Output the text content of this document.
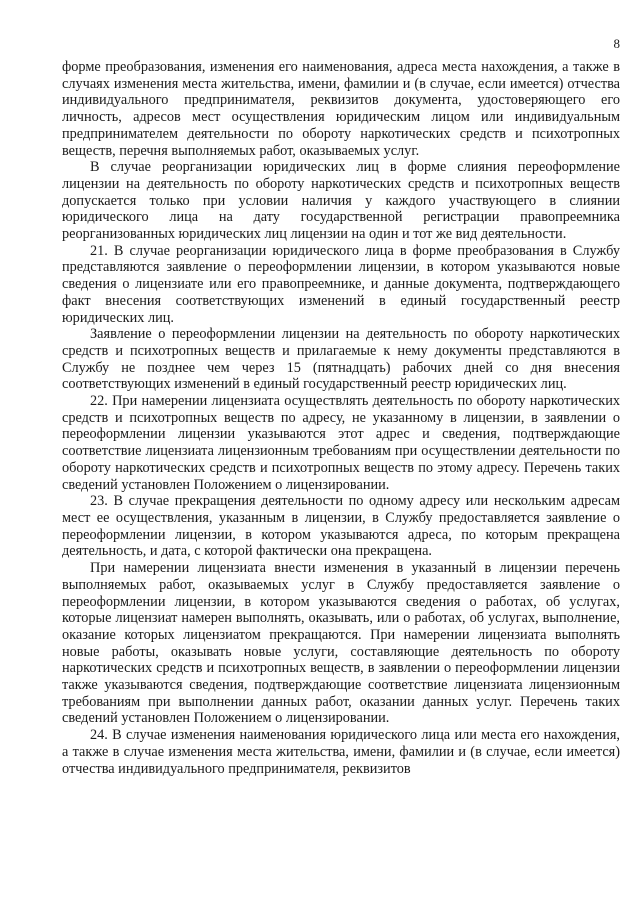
8

форме преобразования, изменения его наименования, адреса места нахождения, а также в случаях изменения места жительства, имени, фамилии и (в случае, если имеется) отчества индивидуального предпринимателя, реквизитов документа, удостоверяющего его личность, адресов мест осуществления юридическим лицом или индивидуальным предпринимателем деятельности по обороту наркотических средств и психотропных веществ, перечня выполняемых работ, оказываемых услуг.

В случае реорганизации юридических лиц в форме слияния переоформление лицензии на деятельность по обороту наркотических средств и психотропных веществ допускается только при условии наличия у каждого участвующего в слиянии юридического лица на дату государственной регистрации правопреемника реорганизованных юридических лиц лицензии на один и тот же вид деятельности.

21. В случае реорганизации юридического лица в форме преобразования в Службу представляются заявление о переоформлении лицензии, в котором указываются новые сведения о лицензиате или его правопреемнике, и данные документа, подтверждающего факт внесения соответствующих изменений в единый государственный реестр юридических лиц.

Заявление о переоформлении лицензии на деятельность по обороту наркотических средств и психотропных веществ и прилагаемые к нему документы представляются в Службу не позднее чем через 15 (пятнадцать) рабочих дней со дня внесения соответствующих изменений в единый государственный реестр юридических лиц.

22. При намерении лицензиата осуществлять деятельность по обороту наркотических средств и психотропных веществ по адресу, не указанному в лицензии, в заявлении о переоформлении лицензии указываются этот адрес и сведения, подтверждающие соответствие лицензиата лицензионным требованиям при осуществлении деятельности по обороту наркотических средств и психотропных веществ по этому адресу. Перечень таких сведений установлен Положением о лицензировании.

23. В случае прекращения деятельности по одному адресу или нескольким адресам мест ее осуществления, указанным в лицензии, в Службу предоставляется заявление о переоформлении лицензии, в котором указываются адреса, по которым прекращена деятельность, и дата, с которой фактически она прекращена.

При намерении лицензиата внести изменения в указанный в лицензии перечень выполняемых работ, оказываемых услуг в Службу предоставляется заявление о переоформлении лицензии, в котором указываются сведения о работах, об услугах, которые лицензиат намерен выполнять, оказывать, или о работах, об услугах, выполнение, оказание которых лицензиатом прекращаются. При намерении лицензиата выполнять новые работы, оказывать новые услуги, составляющие деятельность по обороту наркотических средств и психотропных веществ, в заявлении о переоформлении лицензии также указываются сведения, подтверждающие соответствие лицензиата лицензионным требованиям при выполнении данных работ, оказании данных услуг. Перечень таких сведений установлен Положением о лицензировании.

24. В случае изменения наименования юридического лица или места его нахождения, а также в случае изменения места жительства, имени, фамилии и (в случае, если имеется) отчества индивидуального предпринимателя, реквизитов
